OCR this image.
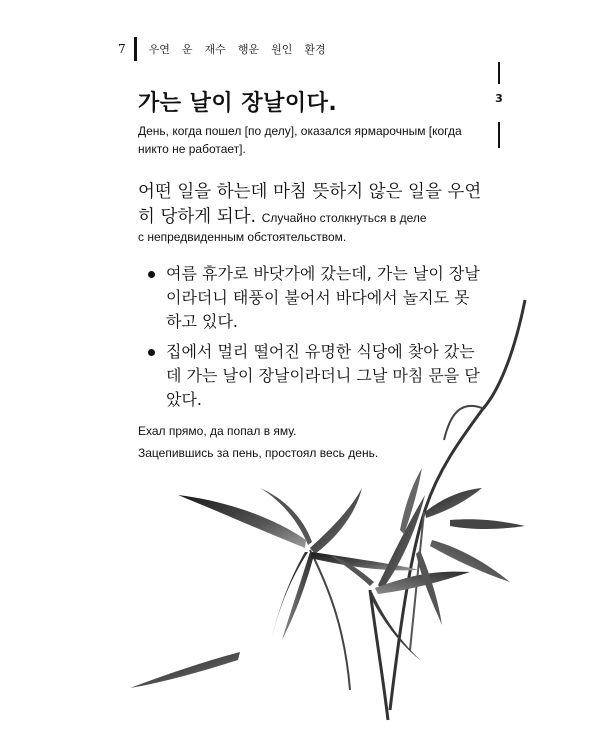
7 우연 운 재수 행운 원인 환경
3
가는 날이 장날이다.
День, когда пошел [по делу], оказался ярмарочным [когда никто не работает].
어떤 일을 하는데 마침 뜻하지 않은 일을 우연히 당하게 되다. Случайно столкнуться в деле
с непредвиденным обстоятельством.
여름 휴가로 바닷가에 갔는데, 가는 날이 장날이라더니 태풍이 불어서 바다에서 놀지도 못하고 있다.
집에서 멀리 떨어진 유명한 식당에 찾아 갔는데 가는 날이 장날이라더니 그날 마침 문을 닫았다.
Ехал прямо, да попал в яму.
Зацепившись за пень, простоял весь день.
